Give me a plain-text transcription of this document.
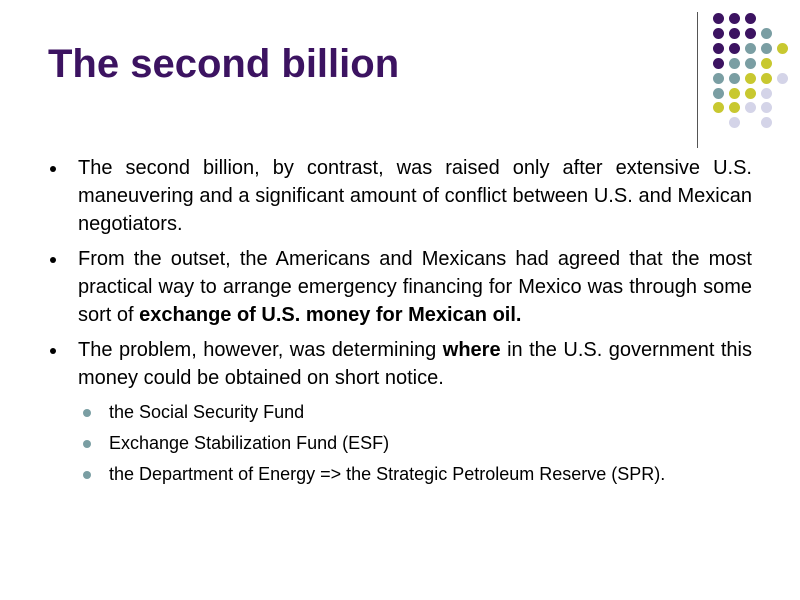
The second billion

The second billion, by contrast, was raised only after extensive U.S. maneuvering and a significant amount of conflict between U.S. and Mexican negotiators.

From the outset, the Americans and Mexicans had agreed that the most practical way to arrange emergency financing for Mexico was through some sort of exchange of U.S. money for Mexican oil.

The problem, however, was determining where in the U.S. government this money could be obtained on short notice.

the Social Security Fund

Exchange Stabilization Fund (ESF)

the Department of Energy => the Strategic Petroleum Reserve (SPR).
